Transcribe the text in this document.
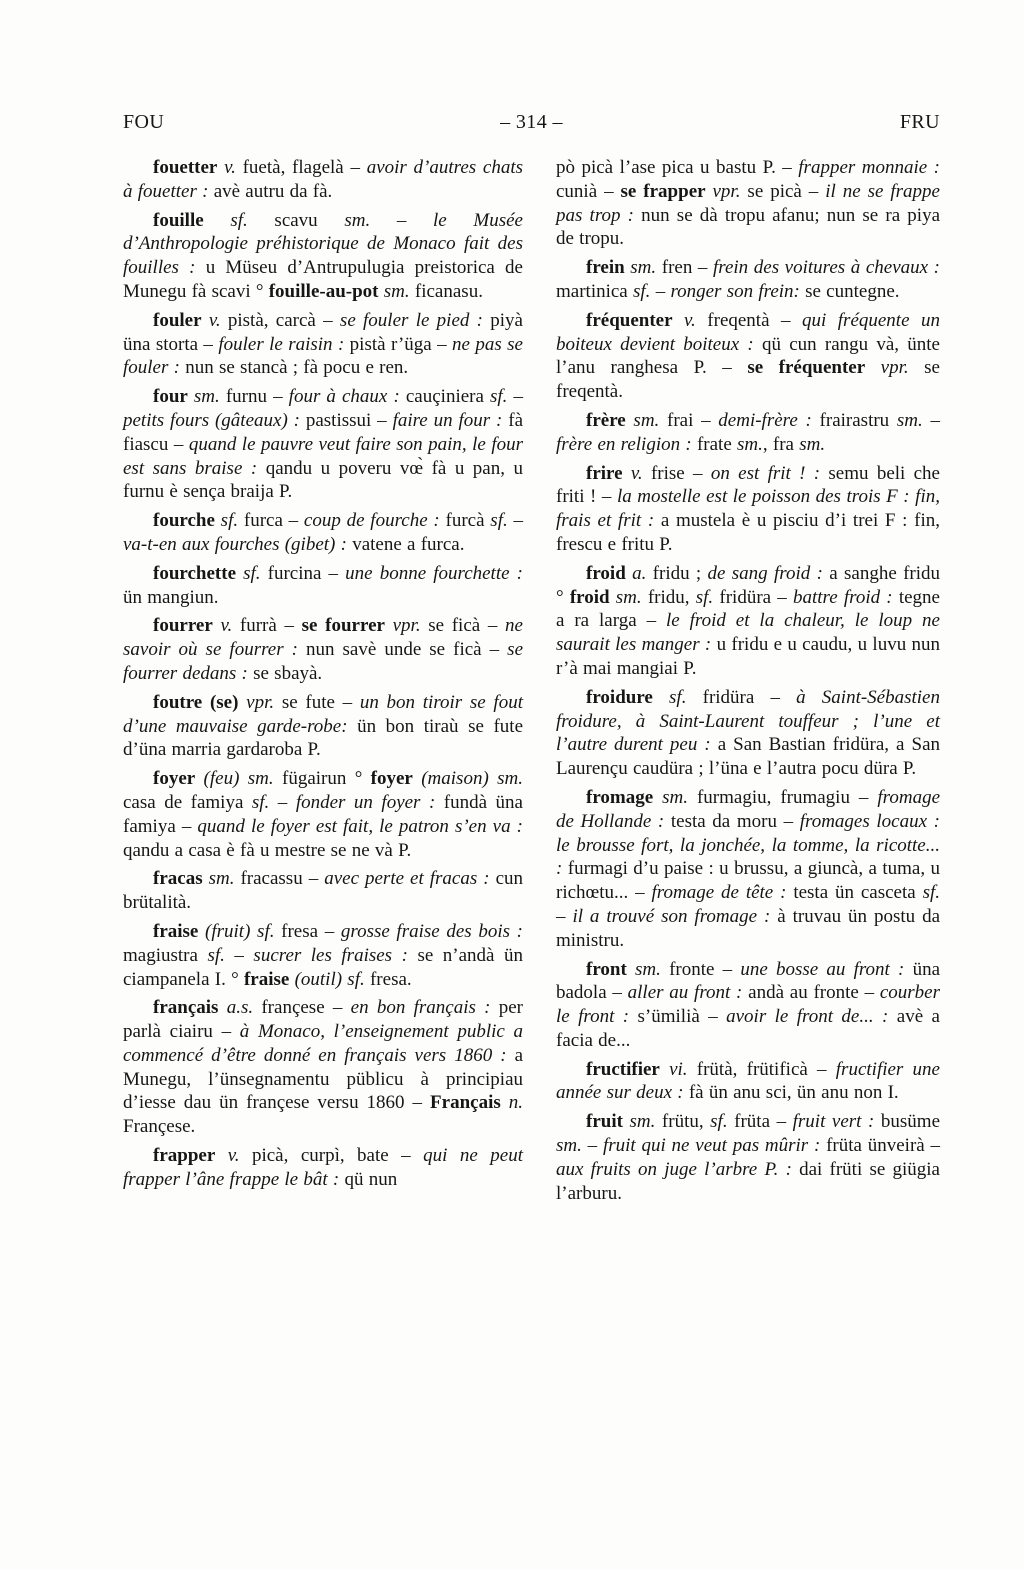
FOU	– 314 –	FRU

fouetter v. fuetà, flagelà – avoir d’autres chats à fouetter : avè autru da fà.

fouille sf. scavu sm. – le Musée d’Anthropologie préhistorique de Monaco fait des fouilles : u Müseu d’Antrupulugia preistorica de Munegu fà scavi ° fouille-au-pot sm. ficanasu.

fouler v. pistà, carcà – se fouler le pied : piyà üna storta – fouler le raisin : pistà r’üga – ne pas se fouler : nun se stancà ; fà pocu e ren.

four sm. furnu – four à chaux : cauçiniera sf. – petits fours (gâteaux) : pastissui – faire un four : fà fiascu – quand le pauvre veut faire son pain, le four est sans braise : qandu u poveru vœ̀ fà u pan, u furnu è sença braija P.

fourche sf. furca – coup de fourche : furcà sf. – va-t-en aux fourches (gibet) : vatene a furca.

fourchette sf. furcina – une bonne fourchette : ün mangiun.

fourrer v. furrà – se fourrer vpr. se ficà – ne savoir où se fourrer : nun savè unde se ficà – se fourrer dedans : se sbayà.

foutre (se) vpr. se fute – un bon tiroir se fout d’une mauvaise garde-robe: ün bon tiraù se fute d’üna marria gardaroba P.

foyer (feu) sm. fügairun ° foyer (maison) sm. casa de famiya sf. – fonder un foyer : fundà üna famiya – quand le foyer est fait, le patron s’en va : qandu a casa è fà u mestre se ne và P.

fracas sm. fracassu – avec perte et fracas : cun brütalità.

fraise (fruit) sf. fresa – grosse fraise des bois : magiustra sf. – sucrer les fraises : se n’andà ün ciampanela I. ° fraise (outil) sf. fresa.

français a.s. françese – en bon français : per parlà ciairu – à Monaco, l’enseignement public a commencé d’être donné en français vers 1860 : a Munegu, l’ünsegnamentu püblicu à principiau d’iesse dau ün françese versu 1860 – Français n. Françese.

frapper v. picà, curpì, bate – qui ne peut frapper l’âne frappe le bât : qü nun

pò picà l’ase pica u bastu P. – frapper monnaie : cunià – se frapper vpr. se picà – il ne se frappe pas trop : nun se dà tropu afanu; nun se ra piya de tropu.

frein sm. fren – frein des voitures à chevaux : martinica sf. – ronger son frein: se cuntegne.

fréquenter v. freqentà – qui fréquente un boiteux devient boiteux : qü cun rangu và, ünte l’anu ranghesa P. – se fréquenter vpr. se freqentà.

frère sm. frai – demi-frère : frairastru sm. – frère en religion : frate sm., fra sm.

frire v. frise – on est frit ! : semu beli che friti ! – la mostelle est le poisson des trois F : fin, frais et frit : a mustela è u pisciu d’i trei F : fin, frescu e fritu P.

froid a. fridu ; de sang froid : a sanghe fridu ° froid sm. fridu, sf. fridüra – battre froid : tegne a ra larga – le froid et la chaleur, le loup ne saurait les manger : u fridu e u caudu, u luvu nun r’à mai mangiai P.

froidure sf. fridüra – à Saint-Sébastien froidure, à Saint-Laurent touffeur ; l’une et l’autre durent peu : a San Bastian fridüra, a San Laurençu caudüra ; l’üna e l’autra pocu düra P.

fromage sm. furmagiu, frumagiu – fromage de Hollande : testa da moru – fromages locaux : le brousse fort, la jonchée, la tomme, la ricotte... : furmagi d’u paise : u brussu, a giuncà, a tuma, u richœtu... – fromage de tête : testa ün casceta sf. – il a trouvé son fromage : à truvau ün postu da ministru.

front sm. fronte – une bosse au front : üna badola – aller au front : andà au fronte – courber le front : s’ümilià – avoir le front de... : avè a facia de...

fructifier vi. frütà, frütificà – fructifier une année sur deux : fà ün anu sci, ün anu non I.

fruit sm. frütu, sf. früta – fruit vert : busüme sm. – fruit qui ne veut pas mûrir : früta ünveirà – aux fruits on juge l’arbre P. : dai früti se giügia l’arburu.
